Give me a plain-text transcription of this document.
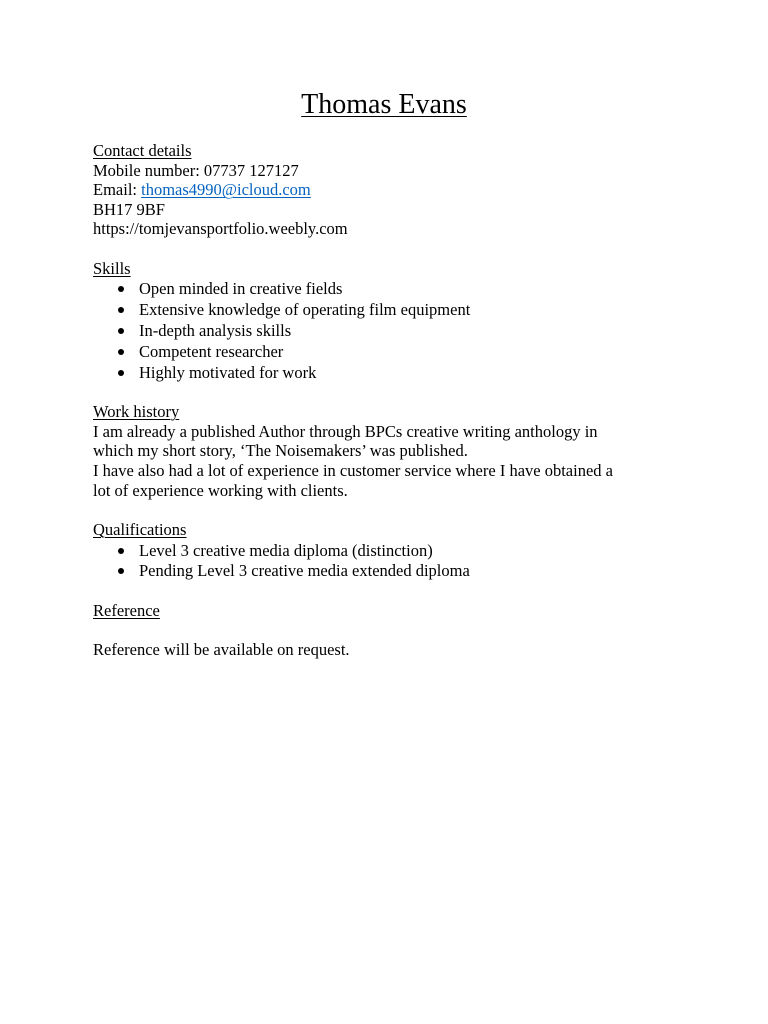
Thomas Evans
Contact details
Mobile number: 07737 127127
Email: thomas4990@icloud.com
BH17 9BF
https://tomjevansportfolio.weebly.com
Skills
Open minded in creative fields
Extensive knowledge of operating film equipment
In-depth analysis skills
Competent researcher
Highly motivated for work
Work history
I am already a published Author through BPCs creative writing anthology in
which my short story, ‘The Noisemakers’ was published.
I have also had a lot of experience in customer service where I have obtained a
lot of experience working with clients.
Qualifications
Level 3 creative media diploma (distinction)
Pending Level 3 creative media extended diploma
Reference
Reference will be available on request.
